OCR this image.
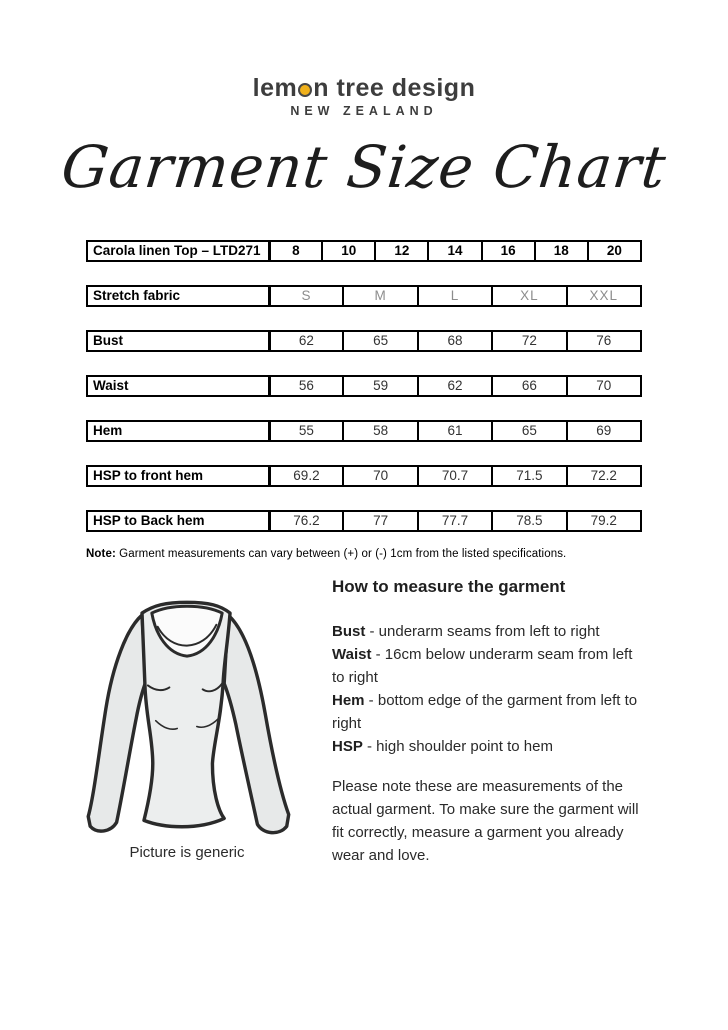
lem n tree design
NEW ZEALAND
Garment Size Chart
Carola linen Top – LTD271	8	10	12	14	16	18	20
Stretch fabric	S	M	L	XL	XXL
Bust	62	65	68	72	76
Waist	56	59	62	66	70
Hem	55	58	61	65	69
HSP to front hem	69.2	70	70.7	71.5	72.2
HSP to Back hem	76.2	77	77.7	78.5	79.2

Note: Garment measurements can vary between (+) or (-) 1cm from the listed specifications.

Picture is generic
How to measure the garment

Bust - underarm seams from left to right

Waist - 16cm below underarm seam from left to right

Hem - bottom edge of the garment from left to right

HSP - high shoulder point to hem

Please note these are measurements of the actual garment. To make sure the garment will fit correctly, measure a garment you already wear and love.
